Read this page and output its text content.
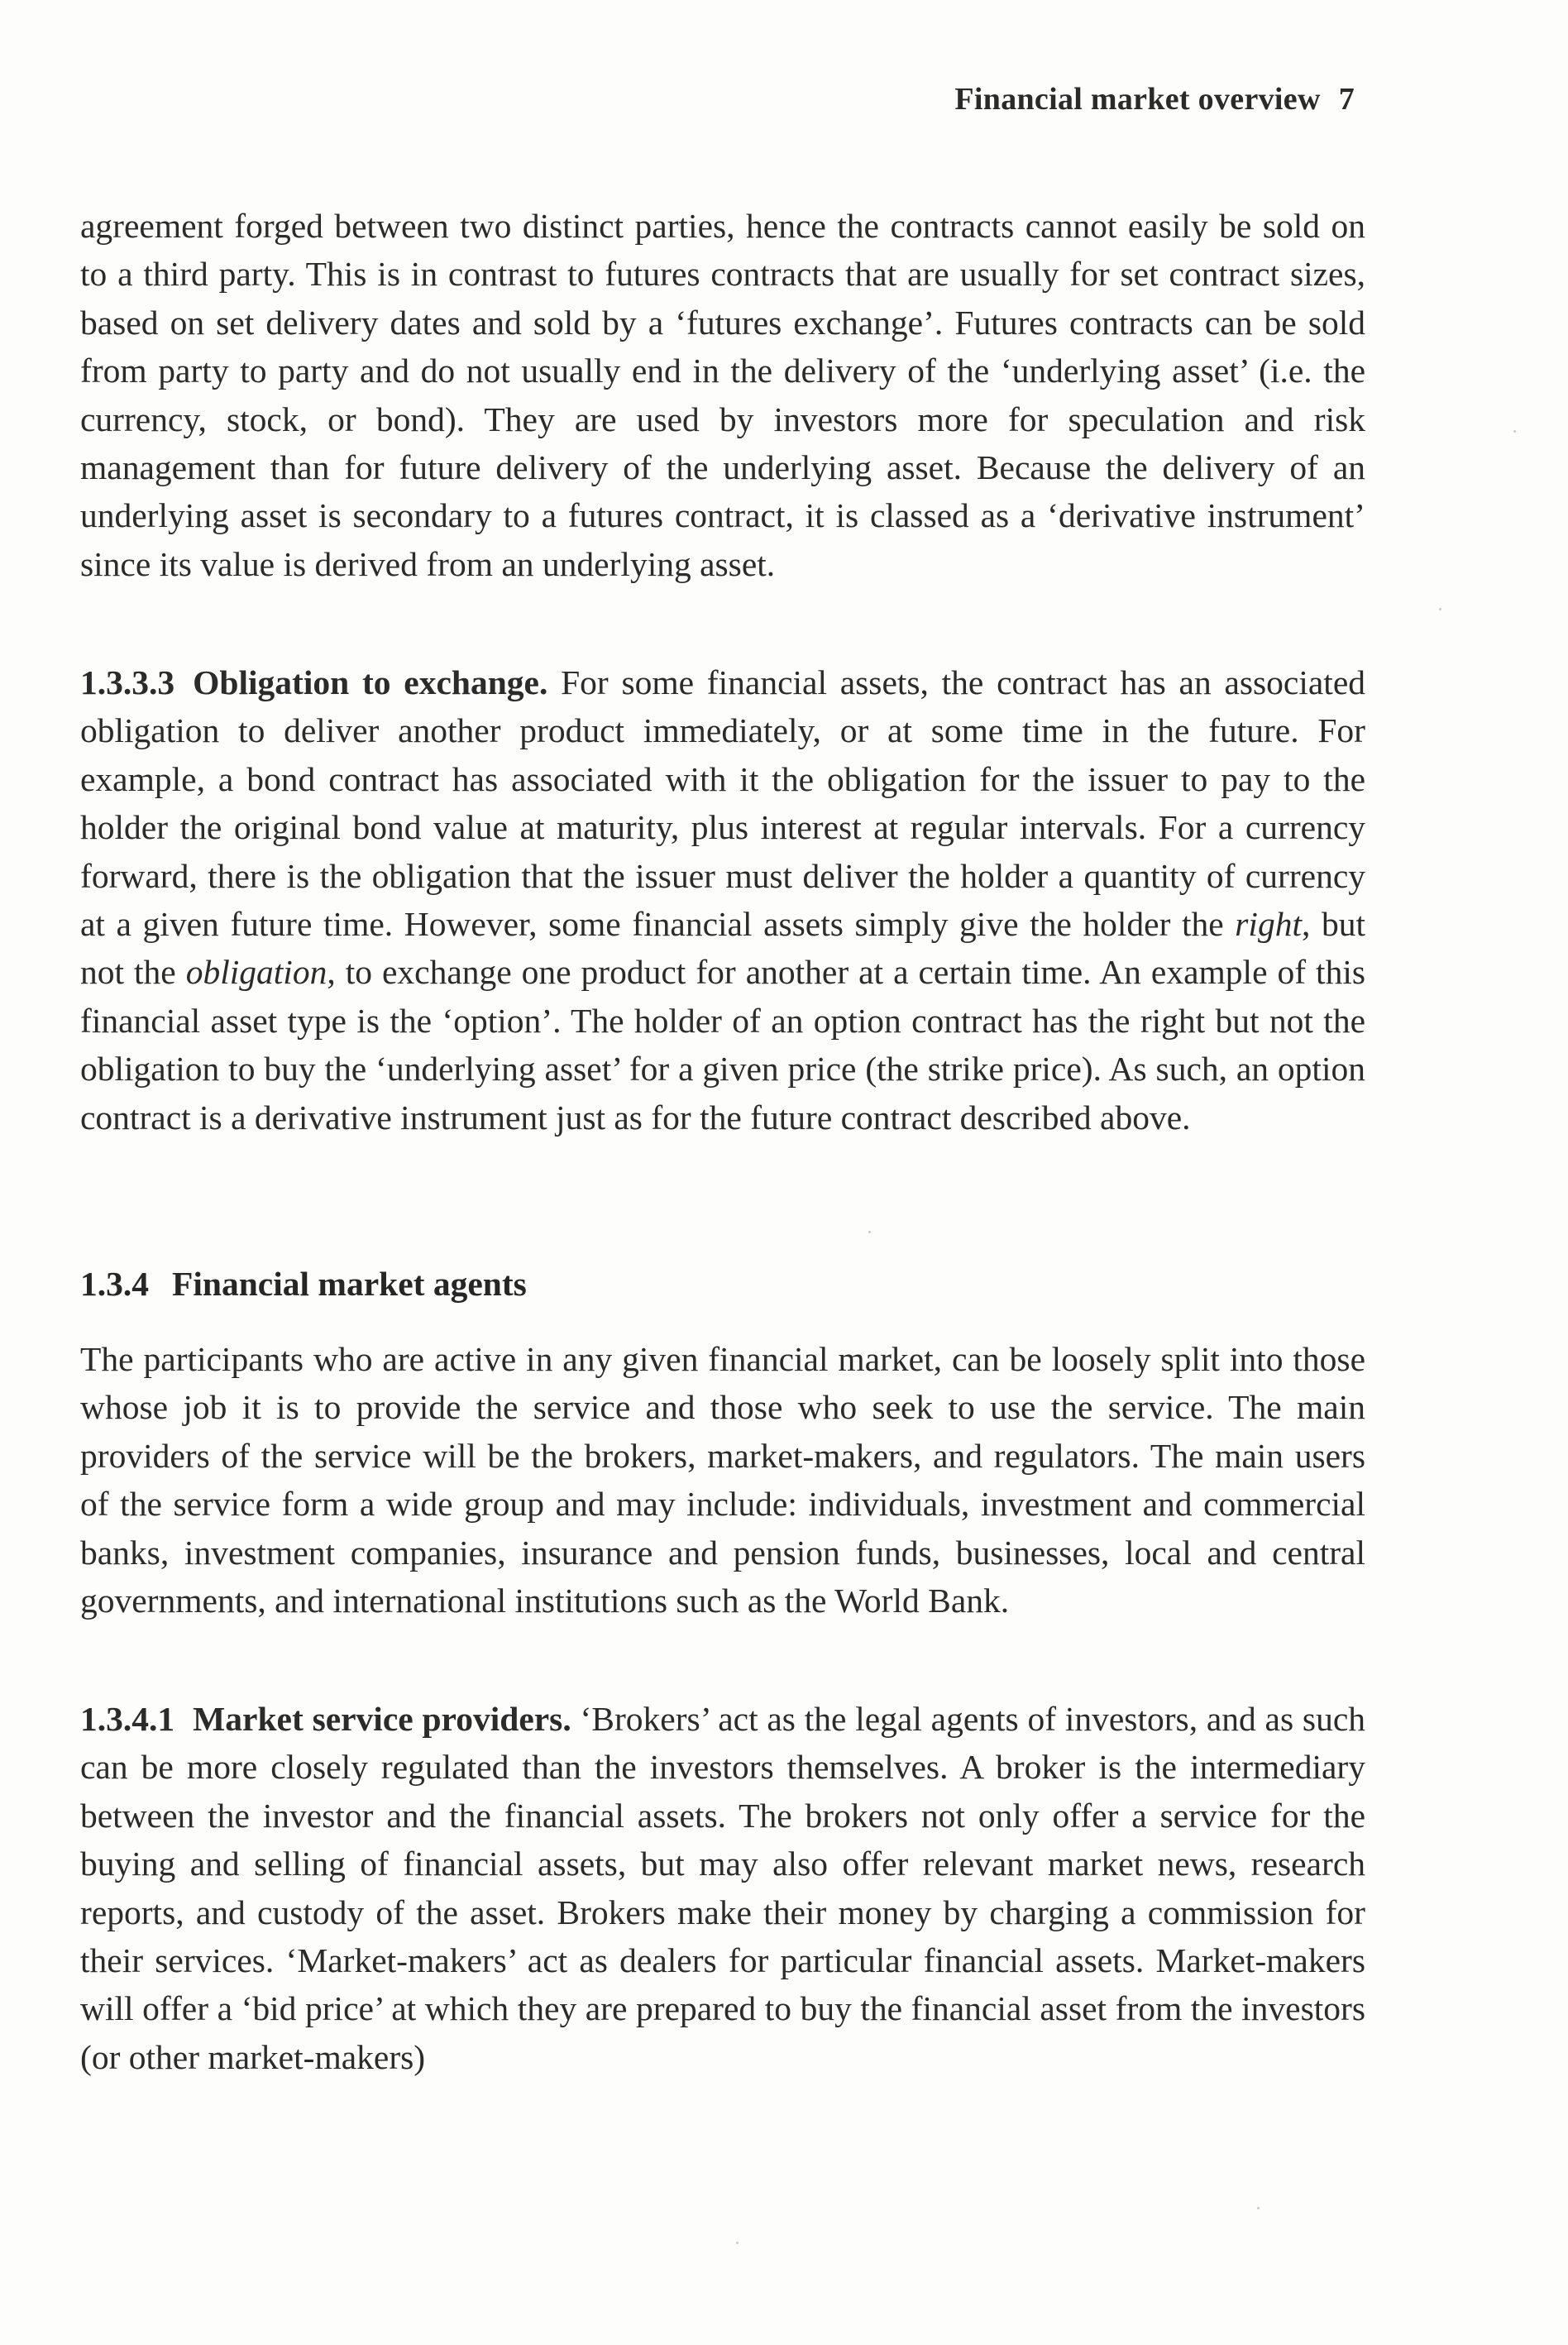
Financial market overview 7

agreement forged between two distinct parties, hence the contracts cannot easily be sold on to a third party. This is in contrast to futures contracts that are usually for set contract sizes, based on set delivery dates and sold by a ‘futures exchange’. Futures contracts can be sold from party to party and do not usually end in the delivery of the ‘underlying asset’ (i.e. the currency, stock, or bond). They are used by investors more for speculation and risk management than for future delivery of the underlying asset. Because the delivery of an underlying asset is secondary to a futures contract, it is classed as a ‘derivative instrument’ since its value is derived from an underlying asset.

1.3.3.3 Obligation to exchange. For some financial assets, the contract has an associated obligation to deliver another product immediately, or at some time in the future. For example, a bond contract has associated with it the obligation for the issuer to pay to the holder the original bond value at maturity, plus interest at regular intervals. For a currency forward, there is the obligation that the issuer must deliver the holder a quantity of currency at a given future time. However, some financial assets simply give the holder the right, but not the obligation, to exchange one product for another at a certain time. An example of this financial asset type is the ‘option’. The holder of an option contract has the right but not the obligation to buy the ‘underlying asset’ for a given price (the strike price). As such, an option contract is a derivative instrument just as for the future contract described above.

1.3.4 Financial market agents

The participants who are active in any given financial market, can be loosely split into those whose job it is to provide the service and those who seek to use the service. The main providers of the service will be the brokers, market-makers, and regulators. The main users of the service form a wide group and may include: individuals, investment and commercial banks, investment companies, insurance and pension funds, businesses, local and central governments, and international institutions such as the World Bank.

1.3.4.1 Market service providers. ‘Brokers’ act as the legal agents of investors, and as such can be more closely regulated than the investors themselves. A broker is the intermediary between the investor and the financial assets. The brokers not only offer a service for the buying and selling of financial assets, but may also offer relevant market news, research reports, and custody of the asset. Brokers make their money by charging a commission for their services. ‘Market-makers’ act as dealers for particular financial assets. Market-makers will offer a ‘bid price’ at which they are prepared to buy the financial asset from the investors (or other market-makers)
